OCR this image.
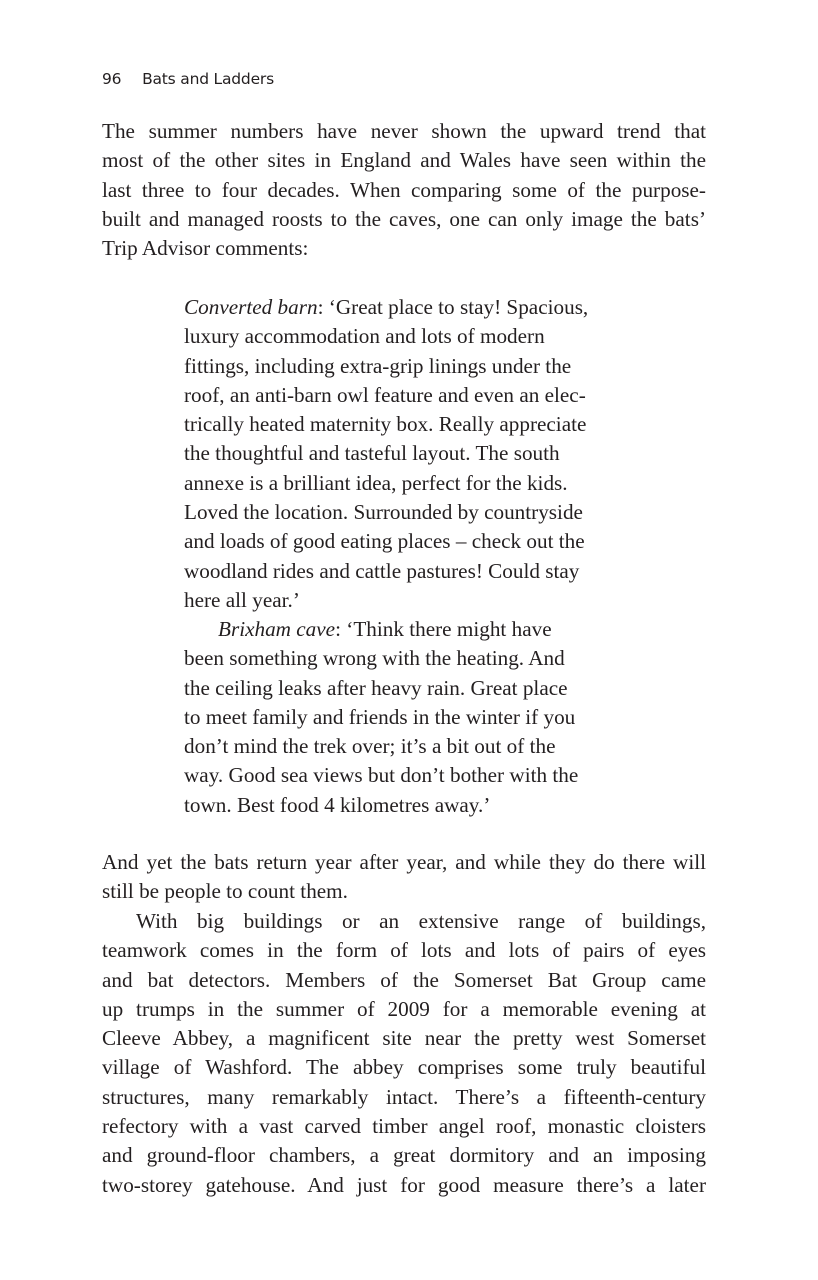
96 Bats and Ladders
The summer numbers have never shown the upward trend that
most of the other sites in England and Wales have seen within the
last three to four decades. When comparing some of the purpose-
built and managed roosts to the caves, one can only image the bats’
Trip Advisor comments:
Converted barn: ‘Great place to stay! Spacious,
luxury accommodation and lots of modern
fittings, including extra-grip linings under the
roof, an anti-barn owl feature and even an elec-
trically heated maternity box. Really appreciate
the thoughtful and tasteful layout. The south
annexe is a brilliant idea, perfect for the kids.
Loved the location. Surrounded by countryside
and loads of good eating places – check out the
woodland rides and cattle pastures! Could stay
here all year.’
Brixham cave: ‘Think there might have
been something wrong with the heating. And
the ceiling leaks after heavy rain. Great place
to meet family and friends in the winter if you
don’t mind the trek over; it’s a bit out of the
way. Good sea views but don’t bother with the
town. Best food 4 kilometres away.’
And yet the bats return year after year, and while they do there will
still be people to count them.
With big buildings or an extensive range of buildings,
teamwork comes in the form of lots and lots of pairs of eyes
and bat detectors. Members of the Somerset Bat Group came
up trumps in the summer of 2009 for a memorable evening at
Cleeve Abbey, a magnificent site near the pretty west Somerset
village of Washford. The abbey comprises some truly beautiful
structures, many remarkably intact. There’s a fifteenth-century
refectory with a vast carved timber angel roof, monastic cloisters
and ground-floor chambers, a great dormitory and an imposing
two-storey gatehouse. And just for good measure there’s a later
